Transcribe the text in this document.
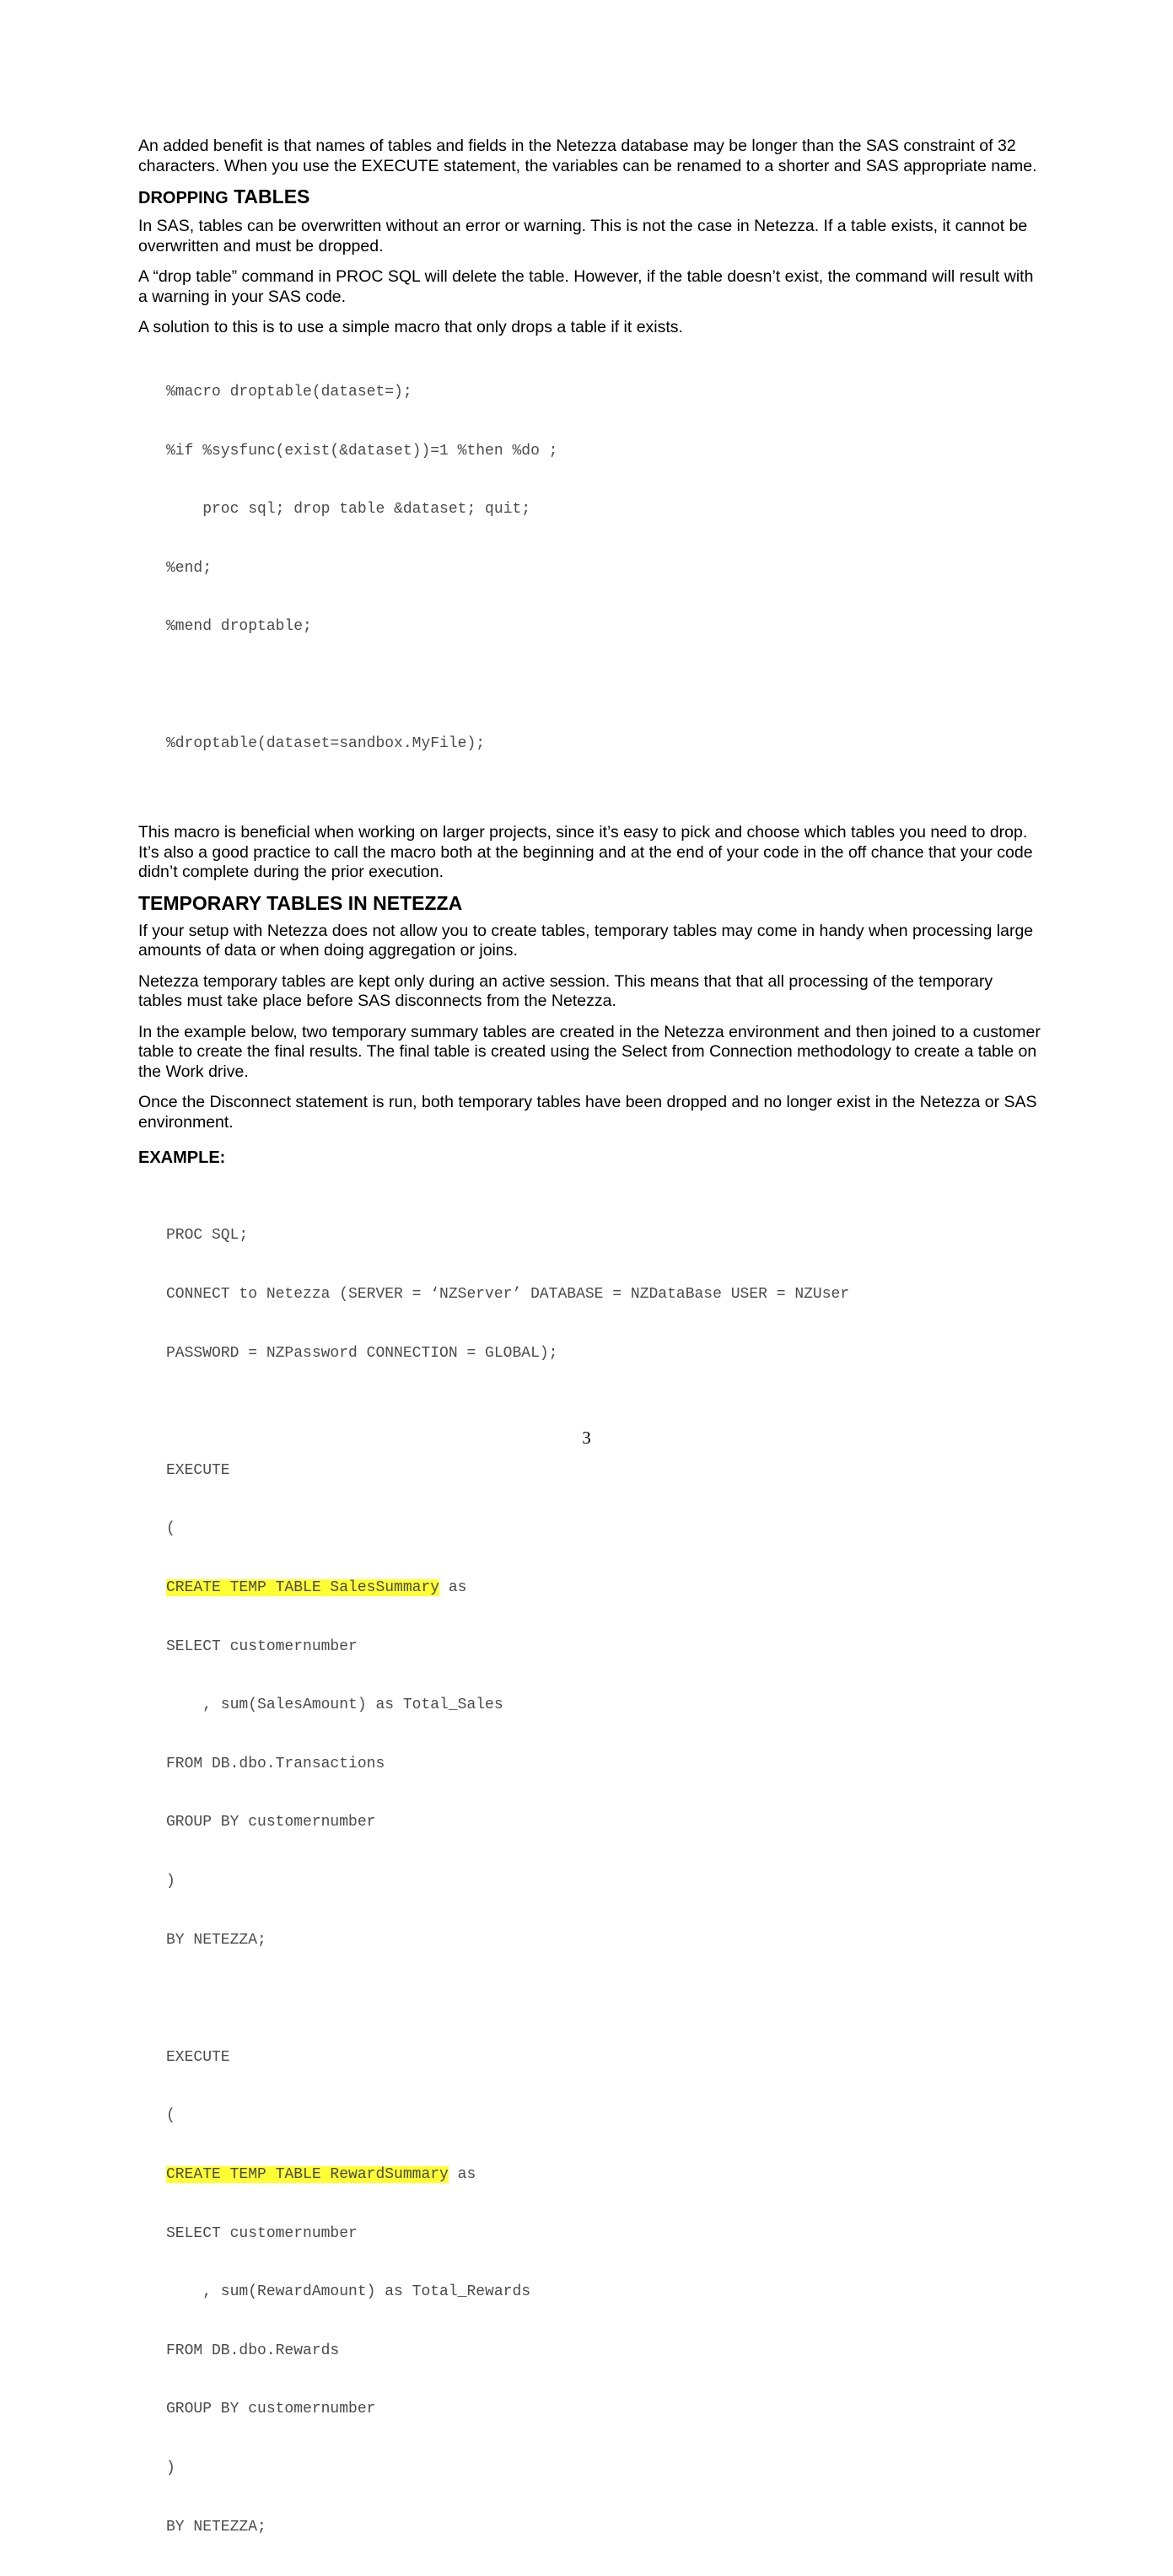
An added benefit is that names of tables and fields in the Netezza database may be longer than the SAS constraint of 32 characters. When you use the EXECUTE statement, the variables can be renamed to a shorter and SAS appropriate name.

DROPPING TABLES

In SAS, tables can be overwritten without an error or warning. This is not the case in Netezza. If a table exists, it cannot be overwritten and must be dropped.

A “drop table” command in PROC SQL will delete the table. However, if the table doesn’t exist, the command will result with a warning in your SAS code.

A solution to this is to use a simple macro that only drops a table if it exists.

%macro droptable(dataset=);

%if %sysfunc(exist(&dataset))=1 %then %do ;

proc sql; drop table &dataset; quit;

%end;

%mend droptable;

%droptable(dataset=sandbox.MyFile);

This macro is beneficial when working on larger projects, since it’s easy to pick and choose which tables you need to drop. It’s also a good practice to call the macro both at the beginning and at the end of your code in the off chance that your code didn’t complete during the prior execution.

TEMPORARY TABLES IN NETEZZA

If your setup with Netezza does not allow you to create tables, temporary tables may come in handy when processing large amounts of data or when doing aggregation or joins.

Netezza temporary tables are kept only during an active session. This means that that all processing of the temporary tables must take place before SAS disconnects from the Netezza.

In the example below, two temporary summary tables are created in the Netezza environment and then joined to a customer table to create the final results. The final table is created using the Select from Connection methodology to create a table on the Work drive.

Once the Disconnect statement is run, both temporary tables have been dropped and no longer exist in the Netezza or SAS environment.

EXAMPLE:

PROC SQL;

CONNECT to Netezza (SERVER = ‘NZServer’ DATABASE = NZDataBase USER = NZUser

PASSWORD = NZPassword CONNECTION = GLOBAL);

EXECUTE

(

CREATE TEMP TABLE SalesSummary as

SELECT customernumber

, sum(SalesAmount) as Total_Sales

FROM DB.dbo.Transactions

GROUP BY customernumber

)

BY NETEZZA;

EXECUTE

(

CREATE TEMP TABLE RewardSummary as

SELECT customernumber

, sum(RewardAmount) as Total_Rewards

FROM DB.dbo.Rewards

GROUP BY customernumber

)

BY NETEZZA;

3
